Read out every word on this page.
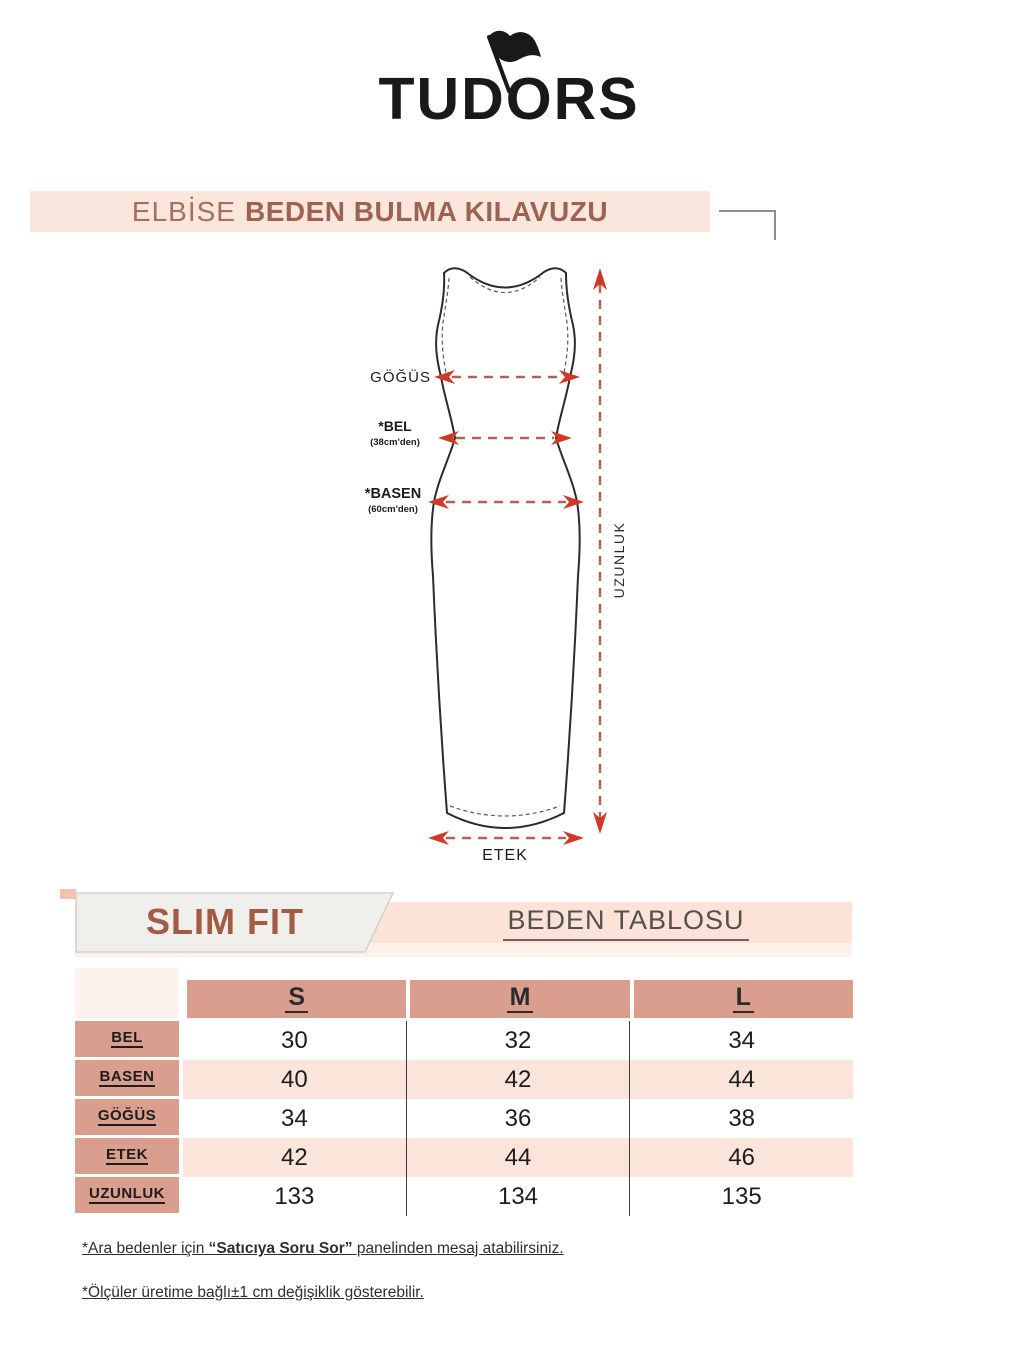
TUDORS
ELBİSE BEDEN BULMA KILAVUZU
GÖĞÜS
*BEL
(38cm'den)
*BASEN
(60cm'den)
ETEK
UZUNLUK
BEDEN TABLOSU
SLIM FIT
S	M	L
BEL	30	32	34
BASEN	40	42	44
GÖĞÜS	34	36	38
ETEK	42	44	46
UZUNLUK	133	134	135

*Ara bedenler için “Satıcıya Soru Sor” panelinden mesaj atabilirsiniz.

*Ölçüler üretime bağlı±1 cm değişiklik gösterebilir.
